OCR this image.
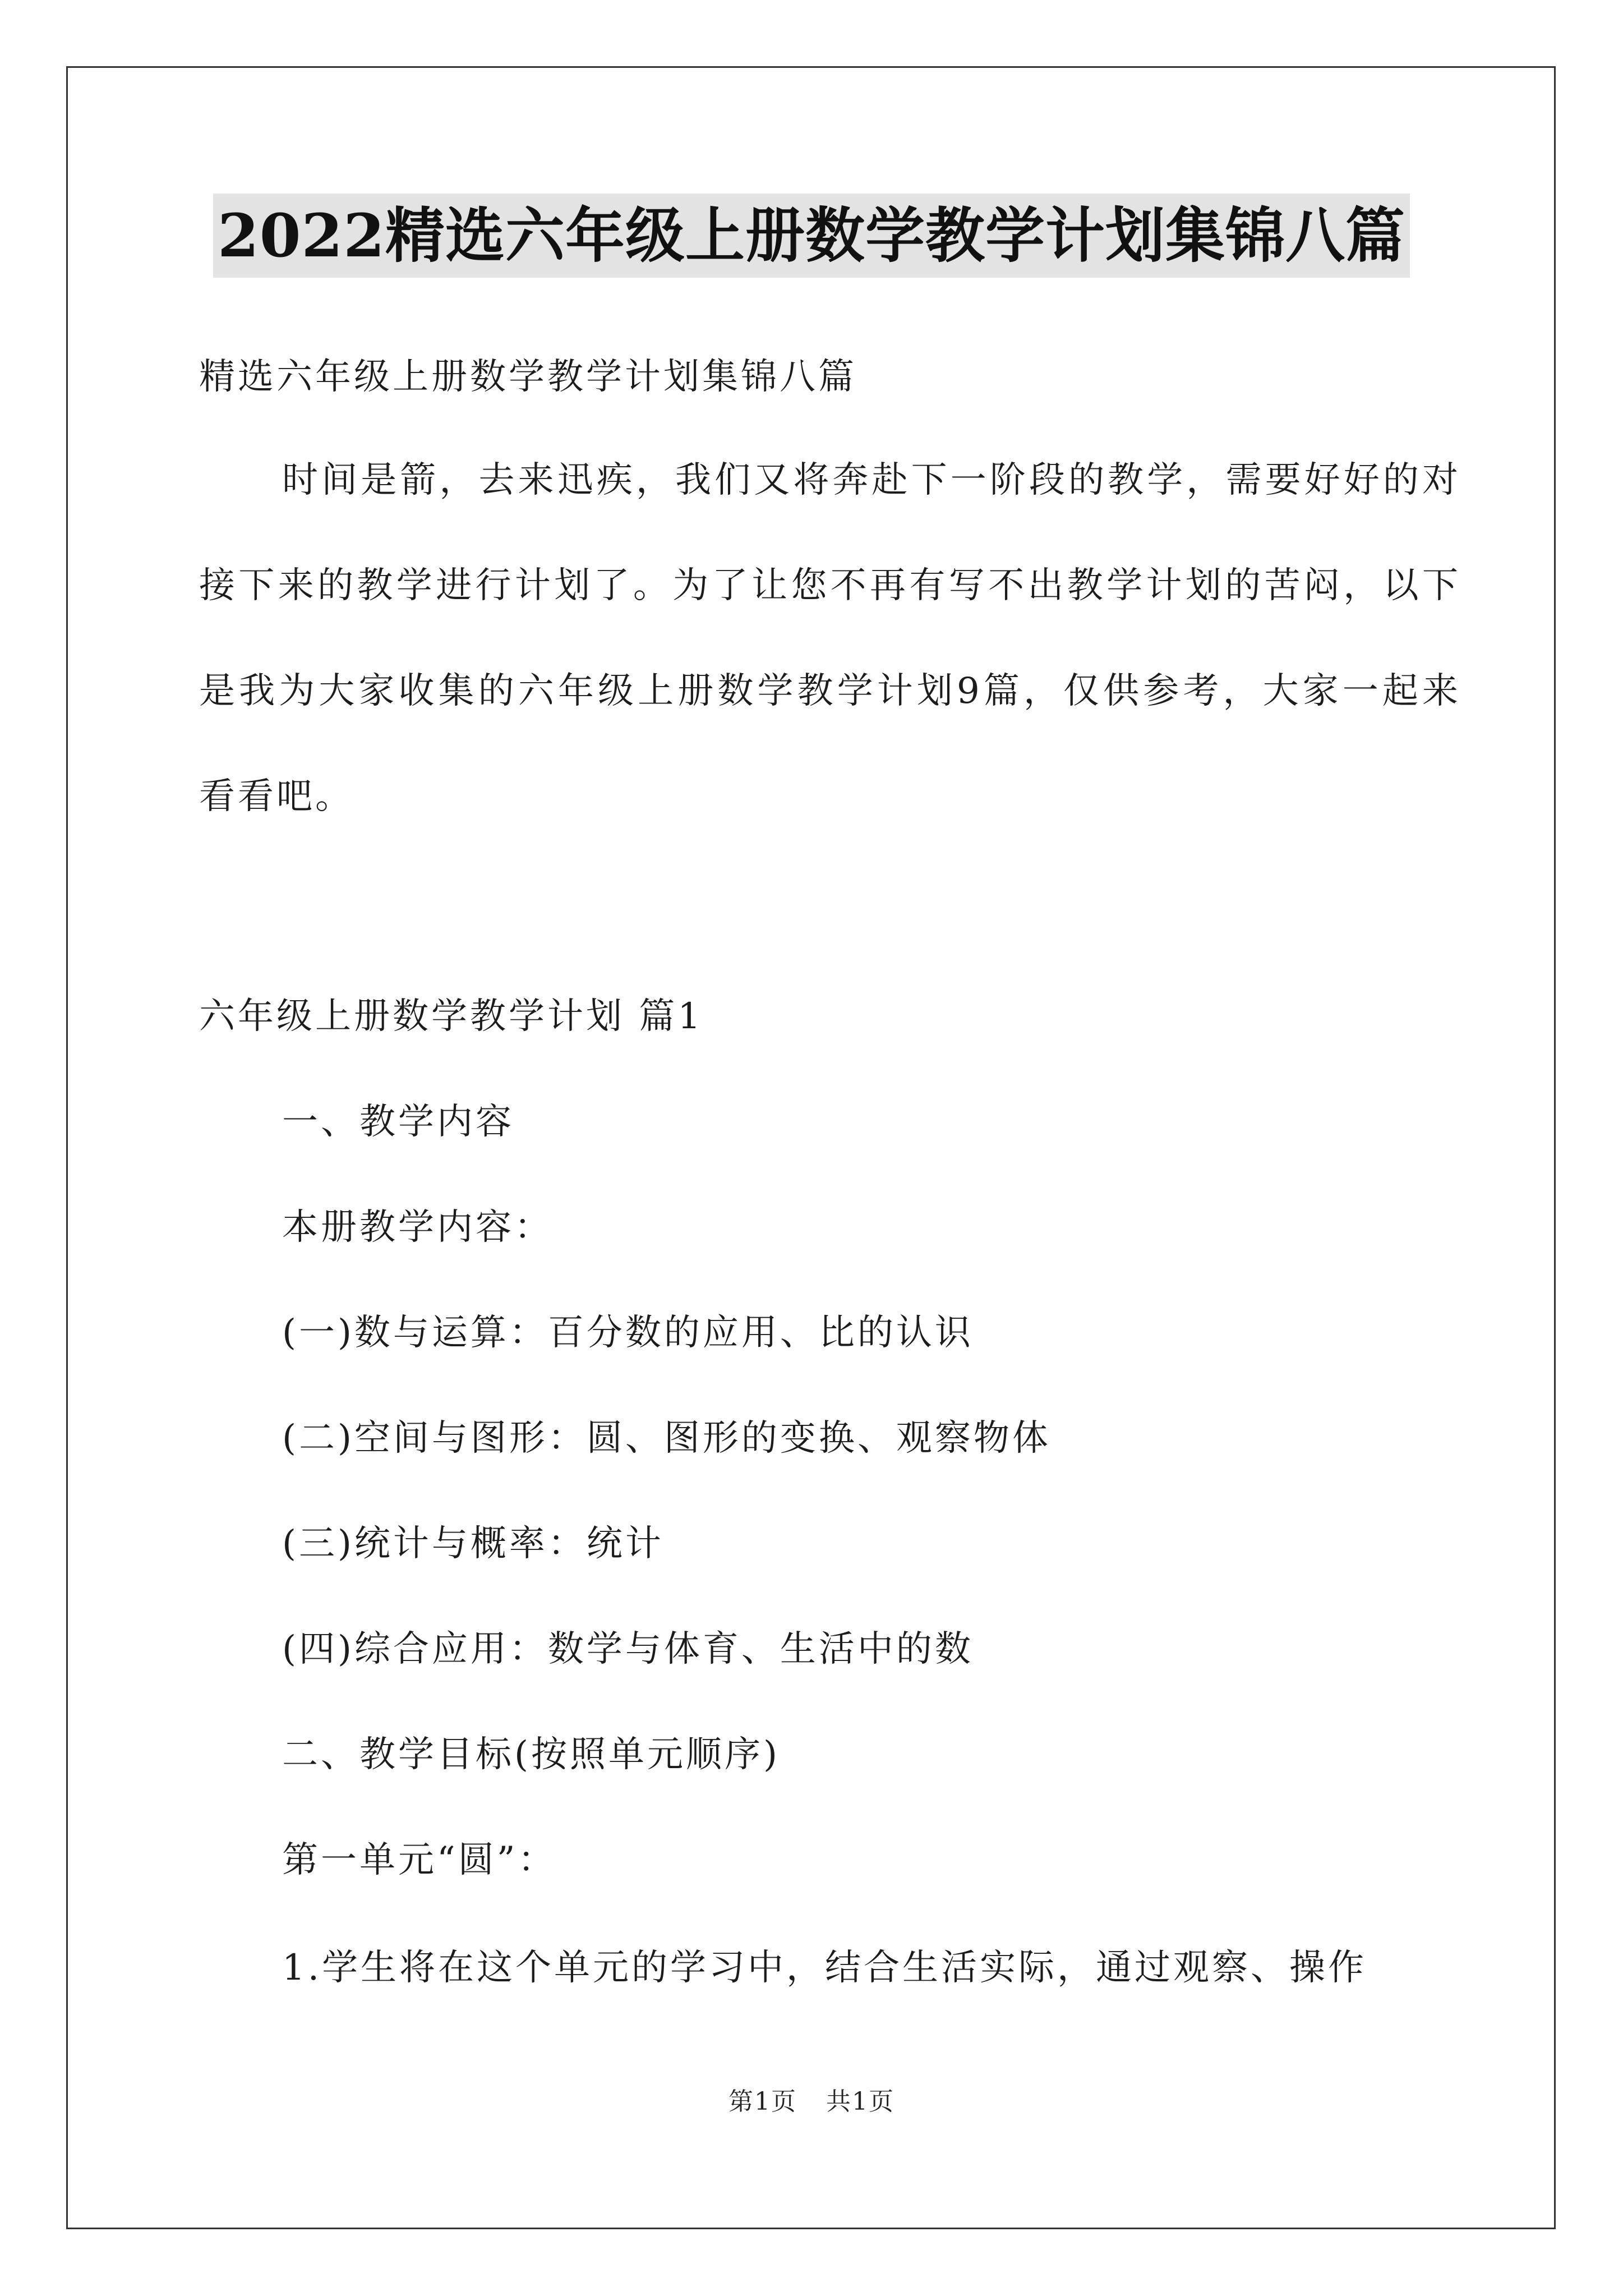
2022精选六年级上册数学教学计划集锦八篇

精选六年级上册数学教学计划集锦八篇

时间是箭，去来迅疾，我们又将奔赴下一阶段的教学，需要好好的对接下来的教学进行计划了。为了让您不再有写不出教学计划的苦闷，以下是我为大家收集的六年级上册数学教学计划9篇，仅供参考，大家一起来看看吧。

六年级上册数学教学计划 篇1

一、教学内容

本册教学内容：

(一)数与运算：百分数的应用、比的认识

(二)空间与图形：圆、图形的变换、观察物体

(三)统计与概率：统计

(四)综合应用：数学与体育、生活中的数

二、教学目标(按照单元顺序)

第一单元“圆”：

1.学生将在这个单元的学习中，结合生活实际，通过观察、操作

第1页 共1页
